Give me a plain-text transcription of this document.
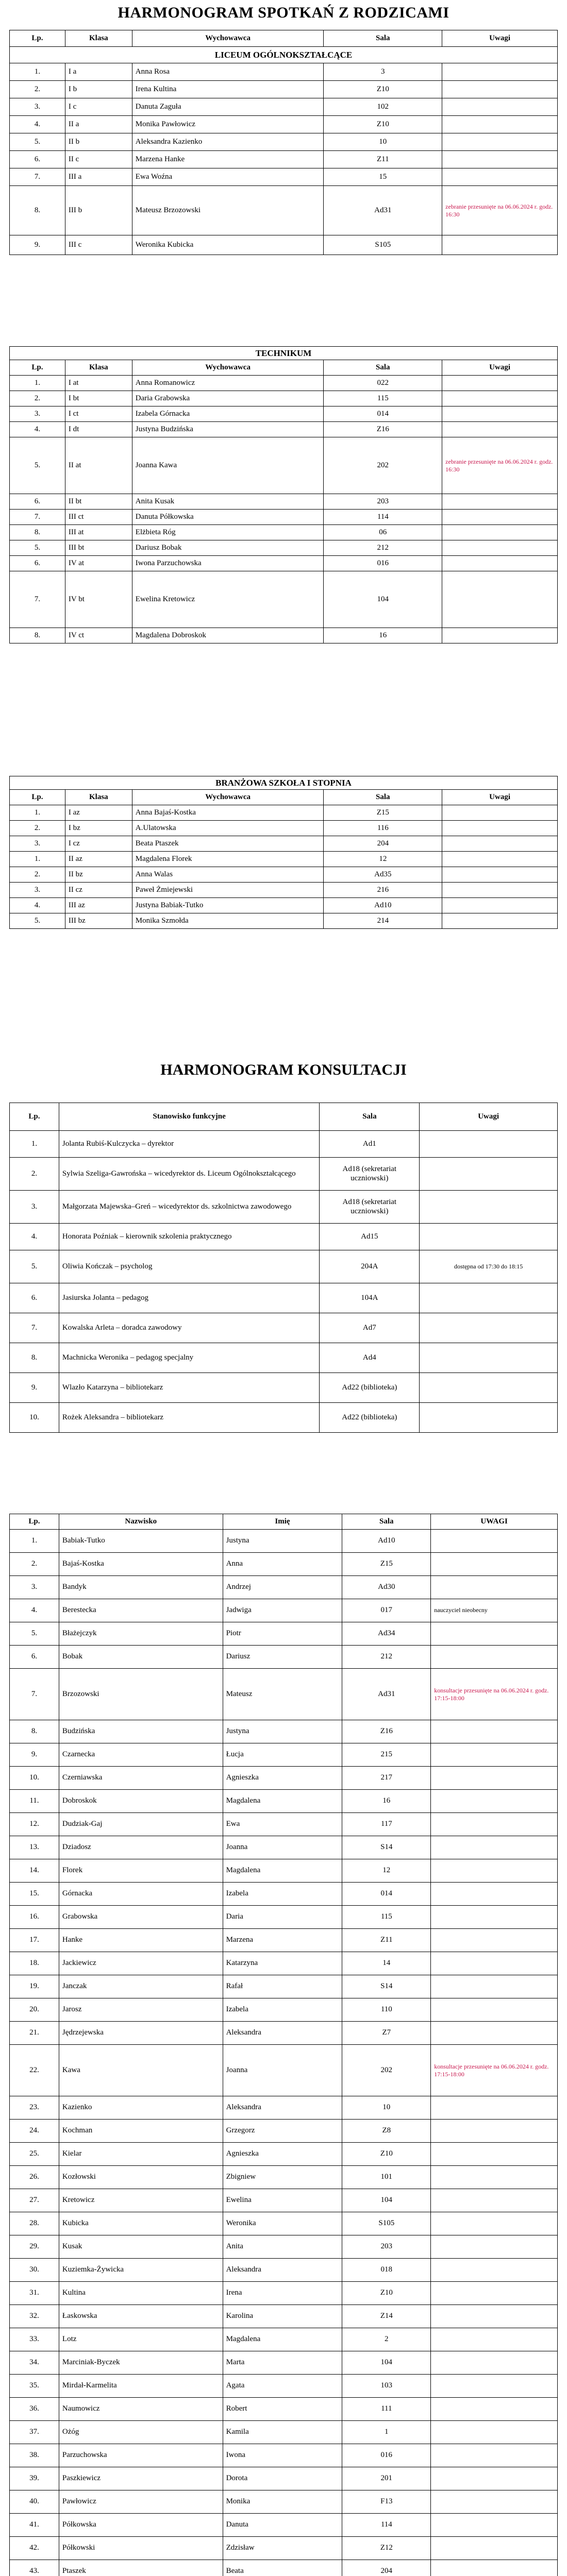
HARMONOGRAM SPOTKAŃ Z RODZICAMI
Lp.	Klasa	Wychowawca	Sala	Uwagi
LICEUM OGÓLNOKSZTAŁCĄCE				
1.	I a	Anna Rosa	3	
2.	I b	Irena Kultina	Z10	
3.	I c	Danuta Zaguła	102	
4.	II a	Monika Pawłowicz	Z10	
5.	II b	Aleksandra Kazienko	10	
6.	II c	Marzena Hanke	Z11	
7.	III a	Ewa Woźna	15	
8.	III b	Mateusz Brzozowski	Ad31	zebranie przesunięte na 06.06.2024 r. godz. 16:30
9.	III c	Weronika Kubicka	S105	
TECHNIKUM				
Lp.	Klasa	Wychowawca	Sala	Uwagi
1.	I at	Anna Romanowicz	022	
2.	I bt	Daria Grabowska	115	
3.	I ct	Izabela Górnacka	014	
4.	I dt	Justyna Budzińska	Z16	
5.	II at	Joanna Kawa	202	zebranie przesunięte na 06.06.2024 r. godz. 16:30
6.	II bt	Anita Kusak	203	
7.	III ct	Danuta Półkowska	114	
8.	III at	Elżbieta Róg	06	
5.	III bt	Dariusz Bobak	212	
6.	IV at	Iwona Parzuchowska	016	
7.	IV bt	Ewelina Kretowicz	104	
8.	IV ct	Magdalena Dobroskok	16	
BRANŻOWA SZKOŁA I STOPNIA				
Lp.	Klasa	Wychowawca	Sala	Uwagi
1.	I az	Anna Bajaś-Kostka	Z15	
2.	I bz	A.Ulatowska	116	
3.	I cz	Beata Ptaszek	204	
1.	II az	Magdalena Florek	12	
2.	II bz	Anna Walas	Ad35	
3.	II cz	Paweł Żmiejewski	216	
4.	III az	Justyna Babiak-Tutko	Ad10	
5.	III bz	Monika Szmołda	214	
HARMONOGRAM KONSULTACJI
Lp.	Stanowisko funkcyjne	Sala	Uwagi
1.	Jolanta Rubiś-Kulczycka – dyrektor	Ad1	
2.	Sylwia Szeliga-Gawrońska – wicedyrektor ds. Liceum Ogólnokształcącego	Ad18 (sekretariat uczniowski)	
3.	Małgorzata Majewska–Greń – wicedyrektor ds. szkolnictwa zawodowego	Ad18 (sekretariat uczniowski)	
4.	Honorata Poźniak – kierownik szkolenia praktycznego	Ad15	
5.	Oliwia Kończak – psycholog	204A	dostępna od 17:30 do 18:15
6.	Jasiurska Jolanta – pedagog	104A	
7.	Kowalska Arleta – doradca zawodowy	Ad7	
8.	Machnicka Weronika – pedagog specjalny	Ad4	
9.	Wlazło Katarzyna – bibliotekarz	Ad22 (biblioteka)	
10.	Rożek Aleksandra – bibliotekarz	Ad22 (biblioteka)	
Lp.	Nazwisko	Imię	Sala	UWAGI
1.	Babiak-Tutko	Justyna	Ad10	
2.	Bajaś-Kostka	Anna	Z15	
3.	Bandyk	Andrzej	Ad30	
4.	Berestecka	Jadwiga	017	nauczyciel nieobecny
5.	Błażejczyk	Piotr	Ad34	
6.	Bobak	Dariusz	212	
7.	Brzozowski	Mateusz	Ad31	konsultacje przesunięte na 06.06.2024 r. godz. 17:15-18:00
8.	Budzińska	Justyna	Z16	
9.	Czarnecka	Łucja	215	
10.	Czerniawska	Agnieszka	217	
11.	Dobroskok	Magdalena	16	
12.	Dudziak-Gaj	Ewa	117	
13.	Dziadosz	Joanna	S14	
14.	Florek	Magdalena	12	
15.	Górnacka	Izabela	014	
16.	Grabowska	Daria	115	
17.	Hanke	Marzena	Z11	
18.	Jackiewicz	Katarzyna	14	
19.	Janczak	Rafał	S14	
20.	Jarosz	Izabela	110	
21.	Jędrzejewska	Aleksandra	Z7	
22.	Kawa	Joanna	202	konsultacje przesunięte na 06.06.2024 r. godz. 17:15-18:00
23.	Kazienko	Aleksandra	10	
24.	Kochman	Grzegorz	Z8	
25.	Kielar	Agnieszka	Z10	
26.	Kozłowski	Zbigniew	101	
27.	Kretowicz	Ewelina	104	
28.	Kubicka	Weronika	S105	
29.	Kusak	Anita	203	
30.	Kuziemka-Żywicka	Aleksandra	018	
31.	Kultina	Irena	Z10	
32.	Łaskowska	Karolina	Z14	
33.	Lotz	Magdalena	2	
34.	Marciniak-Byczek	Marta	104	
35.	Mirdał-Karmelita	Agata	103	
36.	Naumowicz	Robert	111	
37.	Ożóg	Kamila	1	
38.	Parzuchowska	Iwona	016	
39.	Paszkiewicz	Dorota	201	
40.	Pawłowicz	Monika	F13	
41.	Półkowska	Danuta	114	
42.	Półkowski	Zdzisław	Z12	
43.	Ptaszek	Beata	204	
